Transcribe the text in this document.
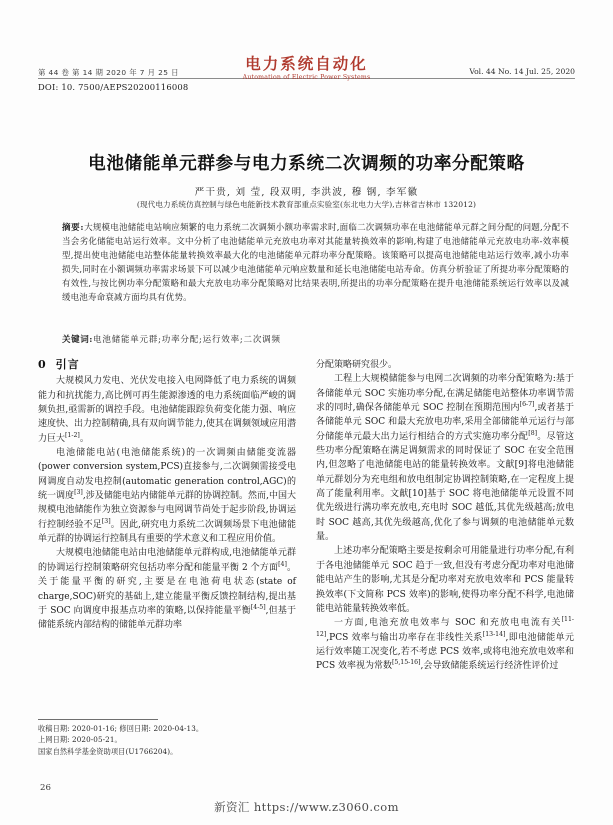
第 44 卷 第 14 期 2020 年 7 月 25 日	电力系统自动化
Automation of Electric Power Systems
Vol. 44 No. 14 Jul. 25, 2020
DOI: 10. 7500/AEPS20200116008
电池储能单元群参与电力系统二次调频的功率分配策略
严干贵, 刘 莹, 段双明, 李洪波, 穆 钢, 李军徽
(现代电力系统仿真控制与绿色电能新技术教育部重点实验室(东北电力大学),吉林省吉林市 132012)
摘要:大规模电池储能电站响应频繁的电力系统二次调频小额功率需求时,面临二次调频功率在电池储能单元群之间分配的问题,分配不当会劣化储能电站运行效率。文中分析了电池储能单元充放电功率对其能量转换效率的影响,构建了电池储能单元充放电功率-效率模型,提出使电池储能电站整体能量转换效率最大化的电池储能单元群功率分配策略。该策略可以提高电池储能电站运行效率,减小功率损失,同时在小额调频功率需求场景下可以减少电池储能单元响应数量和延长电池储能电站寿命。仿真分析验证了所提功率分配策略的有效性,与按比例功率分配策略和最大充放电功率分配策略对比结果表明,所提出的功率分配策略在提升电池储能系统运行效率以及减缓电池寿命衰减方面均具有优势。
关键词:电池储能单元群;功率分配;运行效率;二次调频
0 引言

大规模风力发电、光伏发电接入电网降低了电力系统的调频能力和抗扰能力,高比例可再生能源渗透的电力系统面临严峻的调频负担,亟需新的调控手段。电池储能跟踪负荷变化能力强、响应速度快、出力控制精确,具有双向调节能力,使其在调频领域应用潜力巨大[1-2]。

电池储能电站(电池储能系统)的一次调频由储能变流器(power conversion system,PCS)直接参与,二次调频需接受电网调度自动发电控制(automatic generation control,AGC)的统一调度[3],涉及储能电站内储能单元群的协调控制。然而,中国大规模电池储能作为独立资源参与电网调节尚处于起步阶段,协调运行控制经验不足[3]。因此,研究电力系统二次调频场景下电池储能单元群的协调运行控制具有重要的学术意义和工程应用价值。

大规模电池储能电站由电池储能单元群构成,电池储能单元群的协调运行控制策略研究包括功率分配和能量平衡 2 个方面[4]。关于能量平衡的研究,主要是在电池荷电状态(state of charge,SOC)研究的基础上,建立能量平衡反馈控制结构,提出基于 SOC 向调度申报基点功率的策略,以保持能量平衡[4-5],但基于储能系统内部结构的储能单元群功率

分配策略研究很少。

工程上大规模储能参与电网二次调频的功率分配策略为:基于各储能单元 SOC 实施功率分配,在满足储能电站整体功率调节需求的同时,确保各储能单元 SOC 控制在预期范围内[6-7],或者基于各储能单元 SOC 和最大充放电功率,采用全部储能单元运行与部分储能单元最大出力运行相结合的方式实施功率分配[8]。尽管这些功率分配策略在满足调频需求的同时保证了 SOC 在安全范围内,但忽略了电池储能电站的能量转换效率。文献[9]将电池储能单元群划分为充电组和放电组制定协调控制策略,在一定程度上提高了能量利用率。文献[10]基于 SOC 将电池储能单元设置不同优先级进行满功率充放电,充电时 SOC 越低,其优先级越高;放电时 SOC 越高,其优先级越高,优化了参与调频的电池储能单元数量。

上述功率分配策略主要是按剩余可用能量进行功率分配,有利于各电池储能单元 SOC 趋于一致,但没有考虑分配功率对电池储能电站产生的影响,尤其是分配功率对充放电效率和 PCS 能量转换效率(下文简称 PCS 效率)的影响,使得功率分配不科学,电池储能电站能量转换效率低。

一方面,电池充放电效率与 SOC 和充放电电流有关[11-12],PCS 效率与输出功率存在非线性关系[13-14],即电池储能单元运行效率随工况变化,若不考虑 PCS 效率,或将电池充放电效率和 PCS 效率视为常数[5,15-16],会导致储能系统运行经济性评价过

收稿日期: 2020-01-16; 修回日期: 2020-04-13。
上网日期: 2020-05-21。
国家自然科学基金资助项目(U1766204)。
26
新资汇 https://www.z3060.com
